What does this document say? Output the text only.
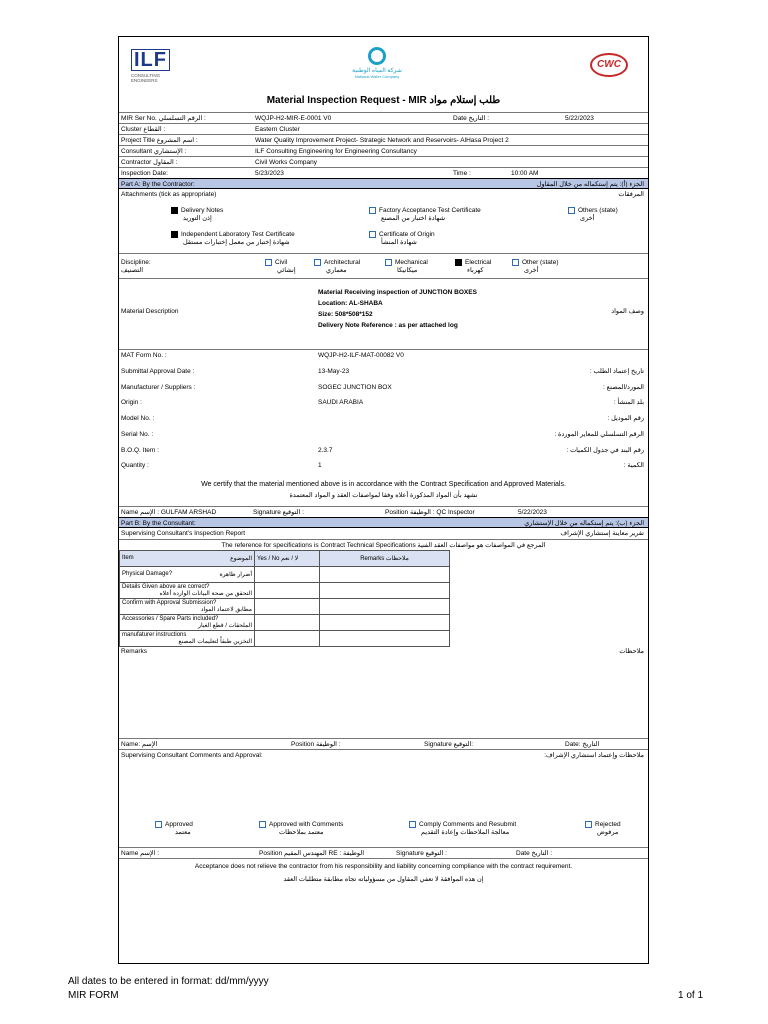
ILF
CONSULTING ENGINEERS
شركة المياه الوطنية
National Water Company
CWC
Material Inspection Request - MIR طلب إستلام مواد
MIR Ser No. الرقم التسلسلي :	WQJP-H2-MIR-E-0001 V0	Date التاريخ :	5/22/2023
Cluster القطاع :	Eastern Cluster
Project Title اسم المشروع :	Water Quality Improvement Project- Strategic Network and Reservoirs- AlHasa Project 2
Consultant الإستشاري :	ILF Consulting Engineering for Engineering Consultancy
Contractor المقاول :	Civil Works Company
Inspection Date:	5/23/2023	Time :	10:00 AM
Part A: By the Contractor:	الجزء (أ): يتم إستكماله من خلال المقاول
Attachments (tick as appropriate)	المرفقات
Delivery Notes
إذن التوريد
Factory Acceptance Test Certificate
شهادة اختبار من المصنع
Others (state)
أخرى
Independent Laboratory Test Certificate
شهادة إختبار من معمل إختبارات مستقل
Certificate of Origin
شهادة المنشأ
Discipline:
التصنيف
Civil
إنشائي
Architectural
معماري
Mechanical
ميكانيكا
Electrical
كهرباء
Other (state)
أخرى
Material Description	وصف المواد
Material Receiving inspection of JUNCTION BOXES
Location: AL-SHABA
Size: 508*508*152
Delivery Note Reference : as per attached log
MAT Form No. :	WQJP-H2-ILF-MAT-00082 V0
Submittal Approval Date :	13-May-23	تاريخ إعتماد الطلب :
Manufacturer / Suppliers :	SOGEC JUNCTION BOX	المورد/المصنع :
Origin :	SAUDI ARABIA	بلد المنشأ :
Model No. :	رقم الموديل :
Serial No. :	الرقم التسلسلي للمعاير الموردة :
B.O.Q. Item :	2.3.7	رقم البند في جدول الكميات :
Quantity :	1	الكمية :
We certify that the material mentioned above is in accordance with the Contract Specification and Approved Materials.
نشهد بأن المواد المذكورة أعلاه وفقا لمواصفات العقد و المواد المعتمدة
Name الإسم : GULFAM ARSHAD	Signature التوقيع :	Position الوظيفة : QC Inspector	5/22/2023
Part B: By the Consultant:	الجزء (ب): يتم إستكماله من خلال الإستشاري
Supervising Consultant's Inspection Report	تقرير معاينة إستشاري الإشراف
The reference for specifications is Contract Technical Specifications المرجع في المواصفات هو مواصفات العقد الفنية
Item الموضوع	Yes / No لا / نعم	Remarks ملاحظات
Physical Damage? أضرار ظاهرة		

Details Given above are correct?
التحقق من صحة البيانات الواردة أعلاه		

Confirm with Approval Submission?
مطابق لاعتماد المواد		

Accessories / Spare Parts included?
الملحقات / قطع الغيار		

manufaturer instructions
التخزين طبقاً لتعليمات المصنع		

Remarks	ملاحظات
Name: الإسم	Position الوظيفة :	Signature التوقيع:	Date: التاريخ
Supervising Consultant Comments and Approval:	ملاحظات وإعتماد استشاري الإشراف:
Approved
معتمد
Approved with Comments
معتمد بملاحظات
Comply Comments and Resubmit
معالجة الملاحظات وإعادة التقديم
Rejected
مرفوض
Name الإسم :	Position المهندس المقيم RE : الوظيفة	Signature التوقيع :	Date التاريخ :
Acceptance does not relieve the contractor from his responsibility and liability concerning compliance with the contract requirement.
إن هذه الموافقة لا تعفي المقاول من مسؤولياته تجاه مطابقة متطلبات العقد
All dates to be entered in format: dd/mm/yyyy
MIR FORM	1 of 1
